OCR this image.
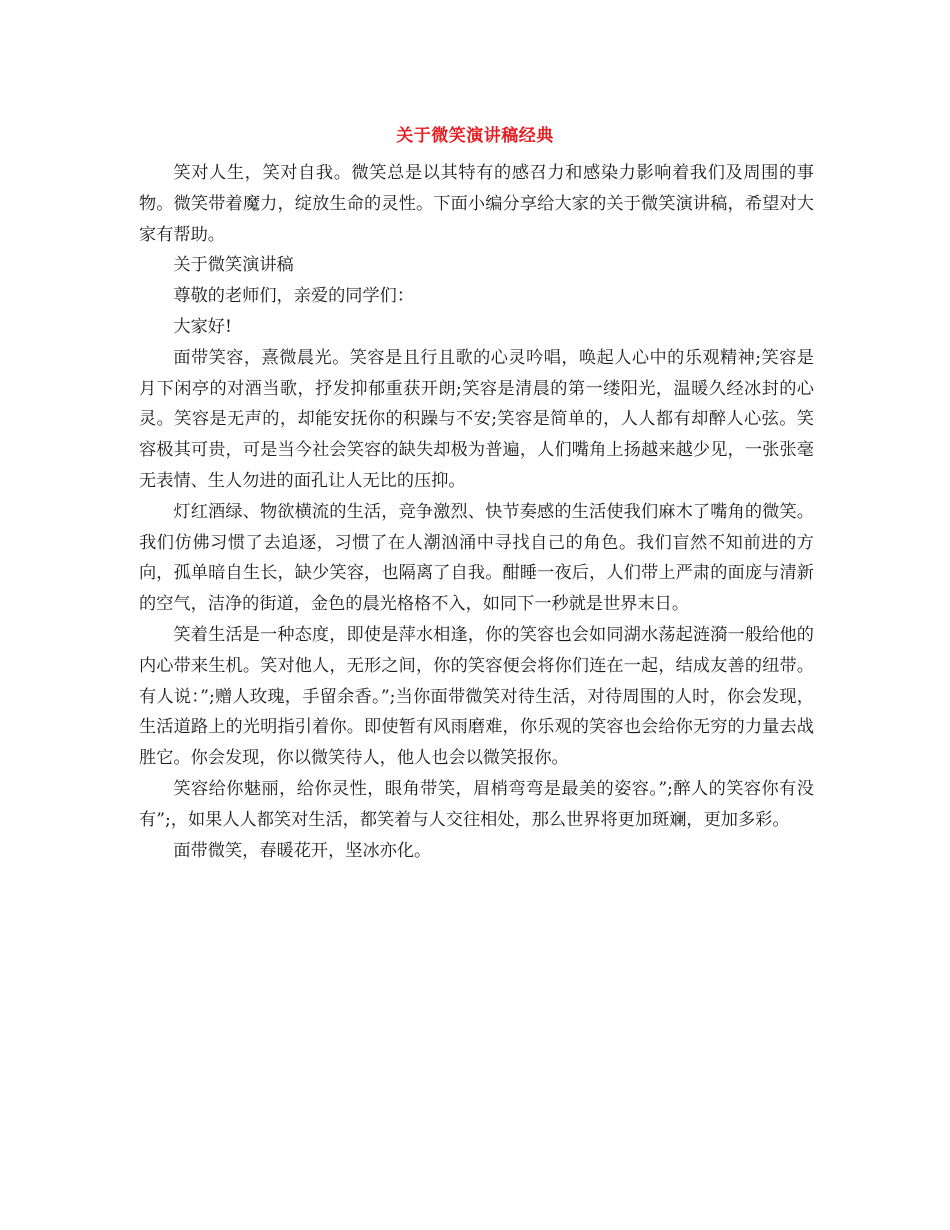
关于微笑演讲稿经典

笑对人生，笑对自我。微笑总是以其特有的感召力和感染力影响着我们及周围的事物。微笑带着魔力，绽放生命的灵性。下面小编分享给大家的关于微笑演讲稿，希望对大家有帮助。

关于微笑演讲稿

尊敬的老师们，亲爱的同学们：

大家好!

面带笑容，熹微晨光。笑容是且行且歌的心灵吟唱，唤起人心中的乐观精神;笑容是月下闲亭的对酒当歌，抒发抑郁重获开朗;笑容是清晨的第一缕阳光，温暖久经冰封的心灵。笑容是无声的，却能安抚你的积躁与不安;笑容是简单的，人人都有却醉人心弦。笑容极其可贵，可是当今社会笑容的缺失却极为普遍，人们嘴角上扬越来越少见，一张张毫无表情、生人勿进的面孔让人无比的压抑。

灯红酒绿、物欲横流的生活，竞争激烈、快节奏感的生活使我们麻木了嘴角的微笑。我们仿佛习惯了去追逐，习惯了在人潮汹涌中寻找自己的角色。我们盲然不知前进的方向，孤单暗自生长，缺少笑容，也隔离了自我。酣睡一夜后，人们带上严肃的面庞与清新的空气，洁净的街道，金色的晨光格格不入，如同下一秒就是世界末日。

笑着生活是一种态度，即使是萍水相逢，你的笑容也会如同湖水荡起涟漪一般给他的内心带来生机。笑对他人，无形之间，你的笑容便会将你们连在一起，结成友善的纽带。有人说：”;赠人玫瑰，手留余香。”;当你面带微笑对待生活，对待周围的人时，你会发现，生活道路上的光明指引着你。即使暂有风雨磨难，你乐观的笑容也会给你无穷的力量去战胜它。你会发现，你以微笑待人，他人也会以微笑报你。

笑容给你魅丽，给你灵性，眼角带笑，眉梢弯弯是最美的姿容。”;醉人的笑容你有没有”;，如果人人都笑对生活，都笑着与人交往相处，那么世界将更加斑斓，更加多彩。

面带微笑，春暖花开，坚冰亦化。
